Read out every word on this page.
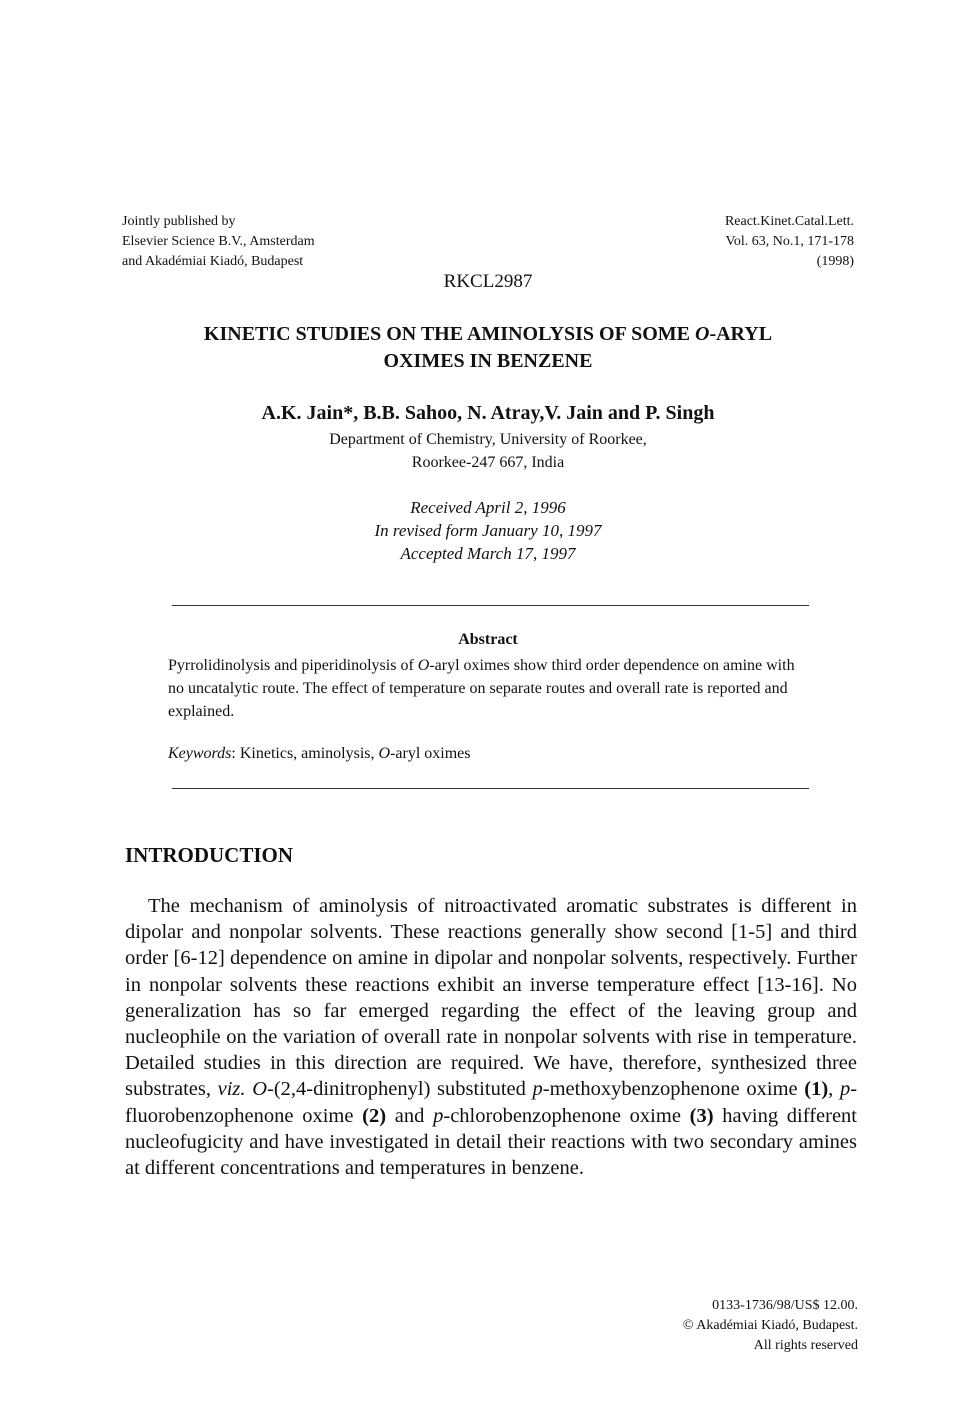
Jointly published by
Elsevier Science B.V., Amsterdam
and Akadémiai Kiadó, Budapest
React.Kinet.Catal.Lett.
Vol. 63, No.1, 171-178
(1998)
RKCL2987
KINETIC STUDIES ON THE AMINOLYSIS OF SOME O-ARYL
OXIMES IN BENZENE
A.K. Jain*, B.B. Sahoo, N. Atray,V. Jain and P. Singh
Department of Chemistry, University of Roorkee,
Roorkee-247 667, India
Received April 2, 1996
In revised form January 10, 1997
Accepted March 17, 1997
Abstract
Pyrrolidinolysis and piperidinolysis of O-aryl oximes show third order dependence on amine with no uncatalytic route. The effect of temperature on separate routes and overall rate is reported and explained.
Keywords: Kinetics, aminolysis, O-aryl oximes
INTRODUCTION
The mechanism of aminolysis of nitroactivated aromatic substrates is different in dipolar and nonpolar solvents. These reactions generally show second [1-5] and third order [6-12] dependence on amine in dipolar and nonpolar solvents, respectively. Further in nonpolar solvents these reactions exhibit an inverse temperature effect [13-16]. No generalization has so far emerged regarding the effect of the leaving group and nucleophile on the variation of overall rate in nonpolar solvents with rise in temperature. Detailed studies in this direction are required. We have, therefore, synthesized three substrates, viz. O-(2,4-dinitrophenyl) substituted p-methoxybenzophenone oxime (1), p-fluorobenzophenone oxime (2) and p-chlorobenzophenone oxime (3) having different nucleofugicity and have investigated in detail their reactions with two secondary amines at different concentrations and temperatures in benzene.
0133-1736/98/US$ 12.00.
© Akadémiai Kiadó, Budapest.
All rights reserved
